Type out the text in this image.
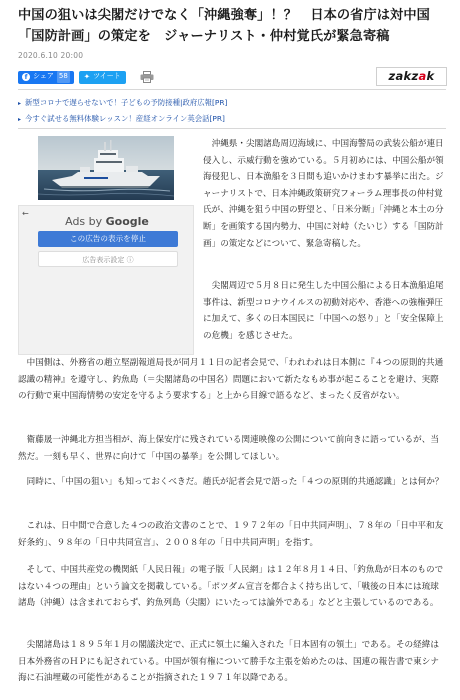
中国の狙いは尖閣だけでなく「沖縄強奪」！？　日本の省庁は対中国「国防計画」の策定を　ジャーナリスト・仲村覚氏が緊急寄稿
2020.6.10 20:00
f シェア 58 ✦ ツイート	zakz a k
▸ 新型コロナで遅らせないで！子どもの予防接種|政府広報[PR]
▸ 今すぐ試せる無料体験レッスン！産経オンライン英会話[PR]
←
Ads by Google
この広告の表示を停止
広告表示設定 ⓘ

　沖縄県・尖閣諸島周辺海域に、中国海警局の武装公船が連日侵入し、示威行動を強めている。５月初めには、中国公船が領海侵犯し、日本漁船を３日間も追いかけまわす暴挙に出た。ジャーナリストで、日本沖縄政策研究フォーラム理事長の仲村覚氏が、沖縄を狙う中国の野望と、「日米分断」「沖縄と本土の分断」を画策する国内勢力、中国に対峙（たいじ）する「国防計画」の策定などについて、緊急寄稿した。

　尖閣周辺で５月８日に発生した中国公船による日本漁船追尾事件は、新型コロナウイルスの初動対応や、香港への強権弾圧に加えて、多くの日本国民に「中国への怒り」と「安全保障上の危機」を感じさせた。

　中国側は、外務省の趙立堅副報道局長が同月１１日の記者会見で、「われわれは日本側に『４つの原則的共通認識の精神』を遵守し、釣魚島（＝尖閣諸島の中国名）問題において新たなもめ事が起こることを避け、実際の行動で東中国海情勢の安定を守るよう要求する」と上から目線で語るなど、まったく反省がない。

　衛藤晟一沖縄北方担当相が、海上保安庁に残されている関連映像の公開について前向きに語っているが、当然だ。一刻も早く、世界に向けて「中国の暴挙」を公開してほしい。

　同時に、「中国の狙い」も知っておくべきだ。趙氏が記者会見で語った「４つの原則的共通認識」とは何か？

　これは、日中間で合意した４つの政治文書のことで、１９７２年の「日中共同声明」、７８年の「日中平和友好条約」、９８年の「日中共同宣言」、２００８年の「日中共同声明」を指す。

　そして、中国共産党の機関紙「人民日報」の電子版「人民網」は１２年８月１４日、「釣魚島が日本のものではない４つの理由」という論文を掲載している。「ポツダム宣言を都合よく持ち出して、「戦後の日本には琉球諸島（沖縄）は含まれておらず、釣魚列島（尖閣）にいたっては論外である」などと主張しているのである。

　尖閣諸島は１８９５年１月の閣議決定で、正式に領土に編入された「日本固有の領土」である。その経緯は日本外務省のＨＰにも記されている。中国が領有権について勝手な主張を始めたのは、国連の報告書で東シナ海に石油埋蔵の可能性があることが指摘された１９７１年以降である。
